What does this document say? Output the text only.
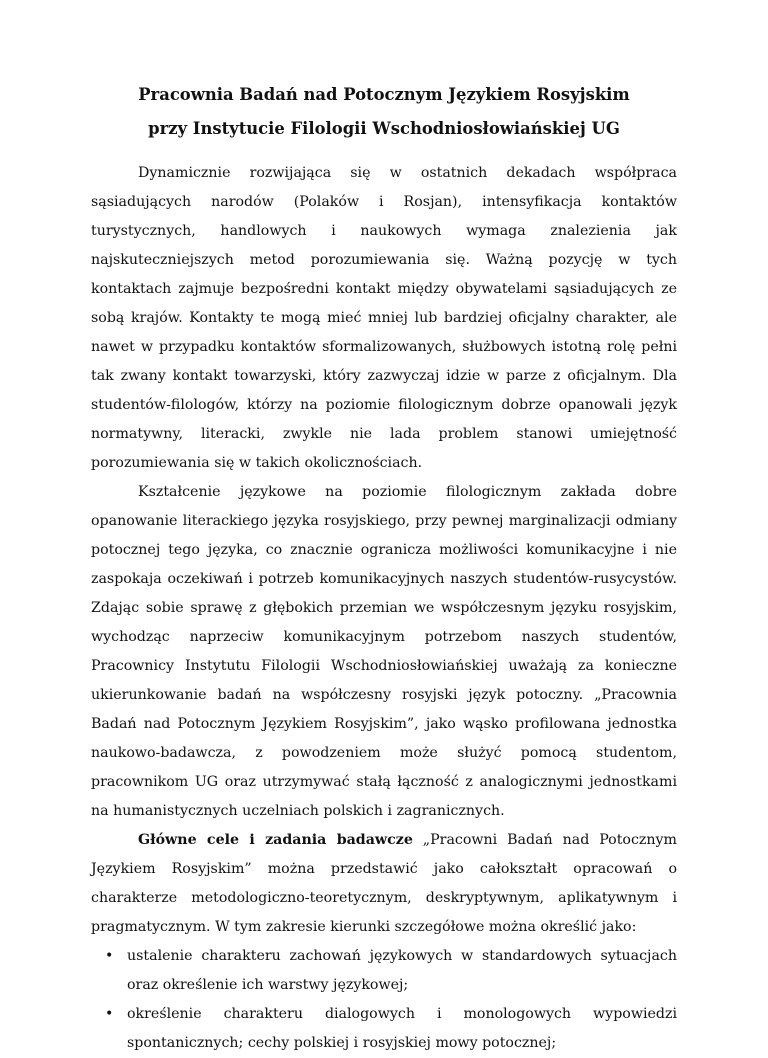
Pracownia Badań nad Potocznym Językiem Rosyjskim
przy Instytucie Filologii Wschodniosłowiańskiej UG

Dynamicznie rozwijająca się w ostatnich dekadach współpraca sąsiadujących narodów (Polaków i Rosjan), intensyfikacja kontaktów turystycznych, handlowych i naukowych wymaga znalezienia jak najskuteczniejszych metod porozumiewania się. Ważną pozycję w tych kontaktach zajmuje bezpośredni kontakt między obywatelami sąsiadujących ze sobą krajów. Kontakty te mogą mieć mniej lub bardziej oficjalny charakter, ale nawet w przypadku kontaktów sformalizowanych, służbowych istotną rolę pełni tak zwany kontakt towarzyski, który zazwyczaj idzie w parze z oficjalnym. Dla studentów-filologów, którzy na poziomie filologicznym dobrze opanowali język normatywny, literacki, zwykle nie lada problem stanowi umiejętność porozumiewania się w takich okolicznościach.

Kształcenie językowe na poziomie filologicznym zakłada dobre opanowanie literackiego języka rosyjskiego, przy pewnej marginalizacji odmiany potocznej tego języka, co znacznie ogranicza możliwości komunikacyjne i nie zaspokaja oczekiwań i potrzeb komunikacyjnych naszych studentów-rusycystów. Zdając sobie sprawę z głębokich przemian we współczesnym języku rosyjskim, wychodząc naprzeciw komunikacyjnym potrzebom naszych studentów, Pracownicy Instytutu Filologii Wschodniosłowiańskiej uważają za konieczne ukierunkowanie badań na współczesny rosyjski język potoczny. „Pracownia Badań nad Potocznym Językiem Rosyjskim”, jako wąsko profilowana jednostka naukowo-badawcza, z powodzeniem może służyć pomocą studentom, pracownikom UG oraz utrzymywać stałą łączność z analogicznymi jednostkami na humanistycznych uczelniach polskich i zagranicznych.

Główne cele i zadania badawcze „Pracowni Badań nad Potocznym Językiem Rosyjskim” można przedstawić jako całokształt opracowań o charakterze metodologiczno-teoretycznym, deskryptywnym, aplikatywnym i pragmatycznym. W tym zakresie kierunki szczegółowe można określić jako:

• ustalenie charakteru zachowań językowych w standardowych sytuacjach oraz określenie ich warstwy językowej;
• określenie charakteru dialogowych i monologowych wypowiedzi
spontanicznych; cechy polskiej i rosyjskiej mowy potocznej;
